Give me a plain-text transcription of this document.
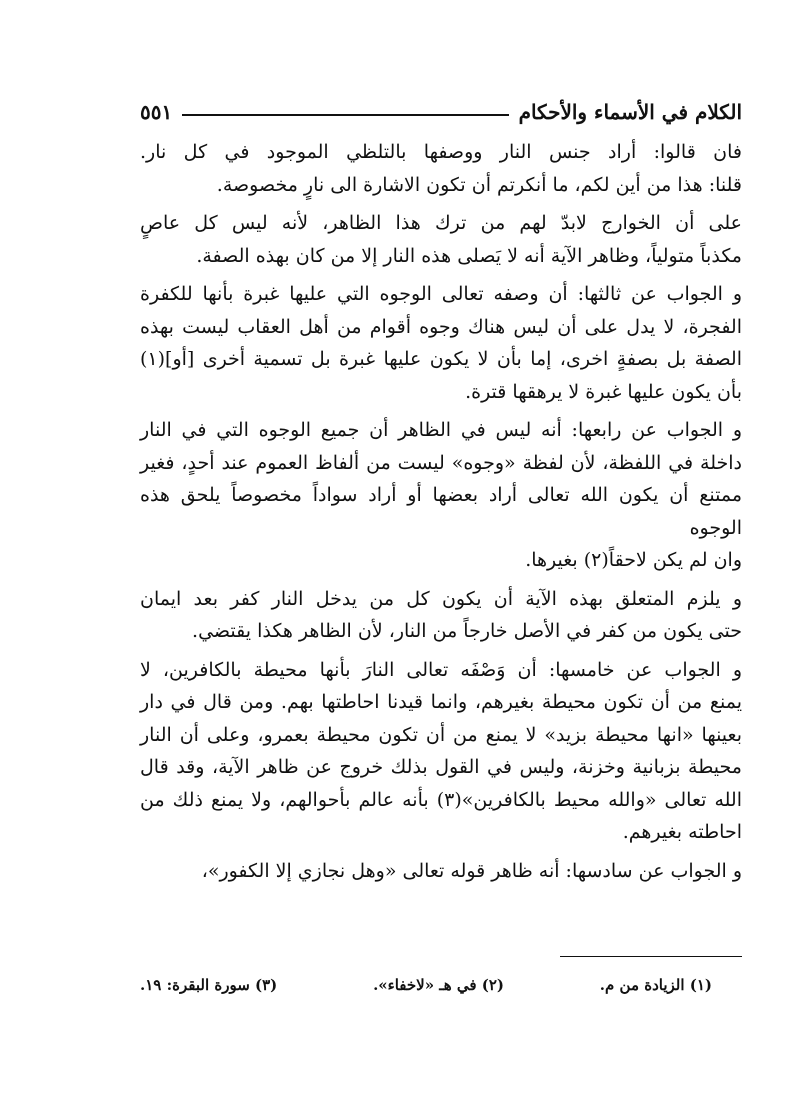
الكلام في الأسماء والأحكام
٥٥١

فان قالوا: أراد جنس النار ووصفها بالتلظي الموجود في كل نار.
قلنا: هذا من أين لكم، ما أنكرتم أن تكون الاشارة الى نارٍ مخصوصة.

على أن الخوارج لابدّ لهم من ترك هذا الظاهر، لأنه ليس كل عاصٍ
مكذباً متولياً، وظاهر الآية أنه لا يَصلى هذه النار إلا من كان بهذه الصفة.

و الجواب عن ثالثها: أن وصفه تعالى الوجوه التي عليها غبرة بأنها للكفرة
الفجرة، لا يدل على أن ليس هناك وجوه أقوام من أهل العقاب ليست بهذه
الصفة بل بصفةٍ اخرى، إما بأن لا يكون عليها غبرة بل تسمية أخرى [أو](١)
بأن يكون عليها غبرة لا يرهقها قترة.

و الجواب عن رابعها: أنه ليس في الظاهر أن جميع الوجوه التي في النار
داخلة في اللفظة، لأن لفظة «وجوه» ليست من ألفاظ العموم عند أحدٍ، فغير
ممتنع أن يكون الله تعالى أراد بعضها أو أراد سواداً مخصوصاً يلحق هذه الوجوه
وان لم يكن لاحقاً(٢) بغيرها.

و يلزم المتعلق بهذه الآية أن يكون كل من يدخل النار كفر بعد ايمان
حتى يكون من كفر في الأصل خارجاً من النار، لأن الظاهر هكذا يقتضي.

و الجواب عن خامسها: أن وَصْفَه تعالى النارَ بأنها محيطة بالكافرين، لا
يمنع من أن تكون محيطة بغيرهم، وانما قيدنا احاطتها بهم. ومن قال في دار
بعينها «انها محيطة بزيد» لا يمنع من أن تكون محيطة بعمرو، وعلى أن النار
محيطة بزبانية وخزنة، وليس في القول بذلك خروج عن ظاهر الآية، وقد قال
الله تعالى «والله محيط بالكافرين»(٣) بأنه عالم بأحوالهم، ولا يمنع ذلك من
احاطته بغيرهم.

و الجواب عن سادسها: أنه ظاهر قوله تعالى «وهل نجازي إلا الكفور»،

(١) الزيادة من م.
(٢) في هـ «لاخفاء».
(٣) سورة البقرة: ١٩.
